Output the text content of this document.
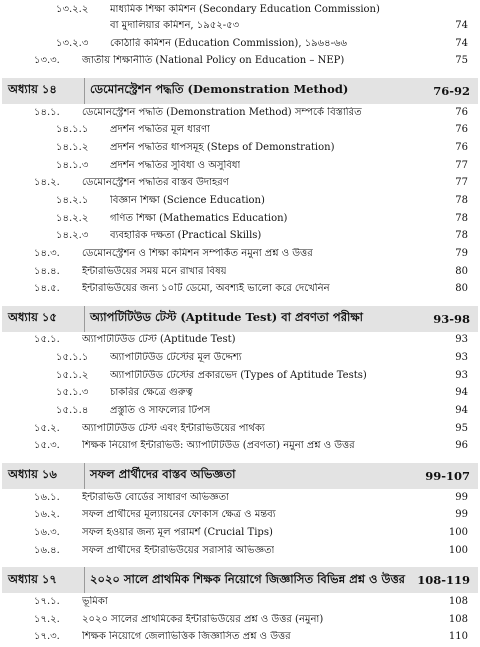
১৩.২.২ মাধ্যমিক শিক্ষা কমিশন (Secondary Education Commission)
বা মুদালিয়ার কমিশন, ১৯৫২-৫৩	74
১৩.২.৩ কোঠারি কমিশন (Education Commission), ১৯৬৪-৬৬	74
১৩.৩. জাতীয় শিক্ষানীতি (National Policy on Education – NEP)	75
অধ্যায় ১৪	ডেমোনস্ট্রেশন পদ্ধতি (Demonstration Method)	76-92
১৪.১. ডেমোনস্ট্রেশন পদ্ধতি (Demonstration Method) সম্পর্কে বিস্তারিত	76
১৪.১.১ প্রদর্শন পদ্ধতির মূল ধারণা	76
১৪.১.২ প্রদর্শন পদ্ধতির ধাপসমূহ (Steps of Demonstration)	76
১৪.১.৩ প্রদর্শন পদ্ধতির সুবিধা ও অসুবিধা	77
১৪.২. ডেমোনস্ট্রেশন পদ্ধতির বাস্তব উদাহরণ	77
১৪.২.১ বিজ্ঞান শিক্ষা (Science Education)	78
১৪.২.২ গণিত শিক্ষা (Mathematics Education)	78
১৪.২.৩ ব্যবহারিক দক্ষতা (Practical Skills)	78
১৪.৩. ডেমোনস্ট্রেশন ও শিক্ষা কমিশন সম্পর্কিত নমুনা প্রশ্ন ও উত্তর	79
১৪.৪. ইন্টারভিউয়ের সময় মনে রাখার বিষয়	80
১৪.৫. ইন্টারভিউয়ের জন্য ১০টি ডেমো, অবশ্যই ভালো করে দেখেনিন	80
অধ্যায় ১৫	অ্যাপটিটিউড টেস্ট (Aptitude Test) বা প্রবণতা পরীক্ষা	93-98
১৫.১. অ্যাপটিটিউড টেস্ট (Aptitude Test)	93
১৫.১.১ অ্যাপটিটিউড টেস্টের মূল উদ্দেশ্য	93
১৫.১.২ অ্যাপটিটিউড টেস্টের প্রকারভেদ (Types of Aptitude Tests)	93
১৫.১.৩ চাকরির ক্ষেত্রে গুরুত্ব	94
১৫.১.৪ প্রস্তুতি ও সাফল্যের টিপস	94
১৫.২. অ্যাপটিটিউড টেস্ট এবং ইন্টারভিউয়ের পার্থক্য	95
১৫.৩. শিক্ষক নিয়োগ ইন্টারভিউ: অ্যাপটিটিউড (প্রবণতা) নমুনা প্রশ্ন ও উত্তর	96
অধ্যায় ১৬	সফল প্রার্থীদের বাস্তব অভিজ্ঞতা	99-107
১৬.১. ইন্টারভিউ বোর্ডের সাধারণ অভিজ্ঞতা	99
১৬.২. সফল প্রার্থীদের মূল্যায়নের ফোকাস ক্ষেত্র ও মন্তব্য	99
১৬.৩. সফল হওয়ার জন্য মূল পরামর্শ (Crucial Tips)	100
১৬.৪. সফল প্রার্থীদের ইন্টারভিউয়ের সরাসরি অভিজ্ঞতা	100
অধ্যায় ১৭	২০২০ সালে প্রাথমিক শিক্ষক নিয়োগে জিজ্ঞাসিত বিভিন্ন প্রশ্ন ও উত্তর 108-119
১৭.১. ভূমিকা	108
১৭.২. ২০২০ সালের প্রাথমিকের ইন্টারভিউয়ের প্রশ্ন ও উত্তর (নমুনা)	108
১৭.৩. শিক্ষক নিয়োগে জেলাভিত্তিক জিজ্ঞাসিত প্রশ্ন ও উত্তর	110
